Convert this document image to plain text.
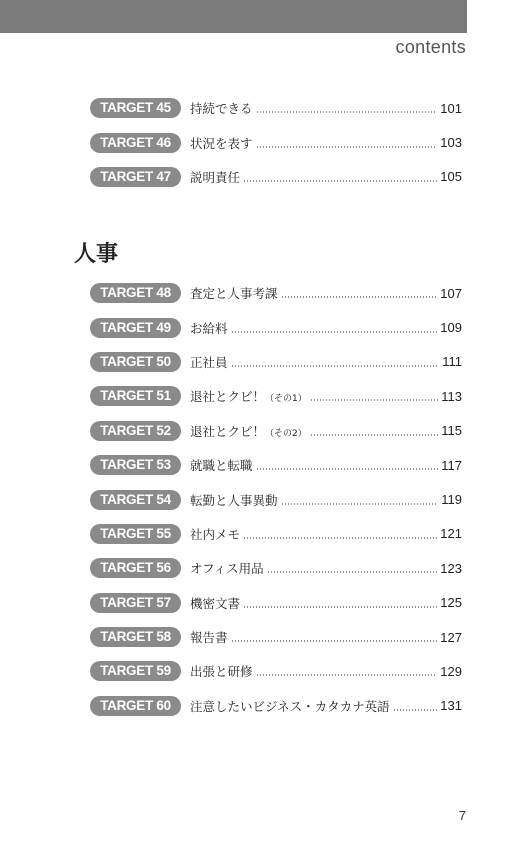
contents
TARGET 45	持続できる	101
TARGET 46	状況を表す	103
TARGET 47	説明責任	105
人事
TARGET 48	査定と人事考課	107
TARGET 49	お給料	109
TARGET 50	正社員	111
TARGET 51	退社とクビ！（その1）	113
TARGET 52	退社とクビ！（その2）	115
TARGET 53	就職と転職	117
TARGET 54	転勤と人事異動	119
TARGET 55	社内メモ	121
TARGET 56	オフィス用品	123
TARGET 57	機密文書	125
TARGET 58	報告書	127
TARGET 59	出張と研修	129
TARGET 60	注意したいビジネス・カタカナ英語	131
7
